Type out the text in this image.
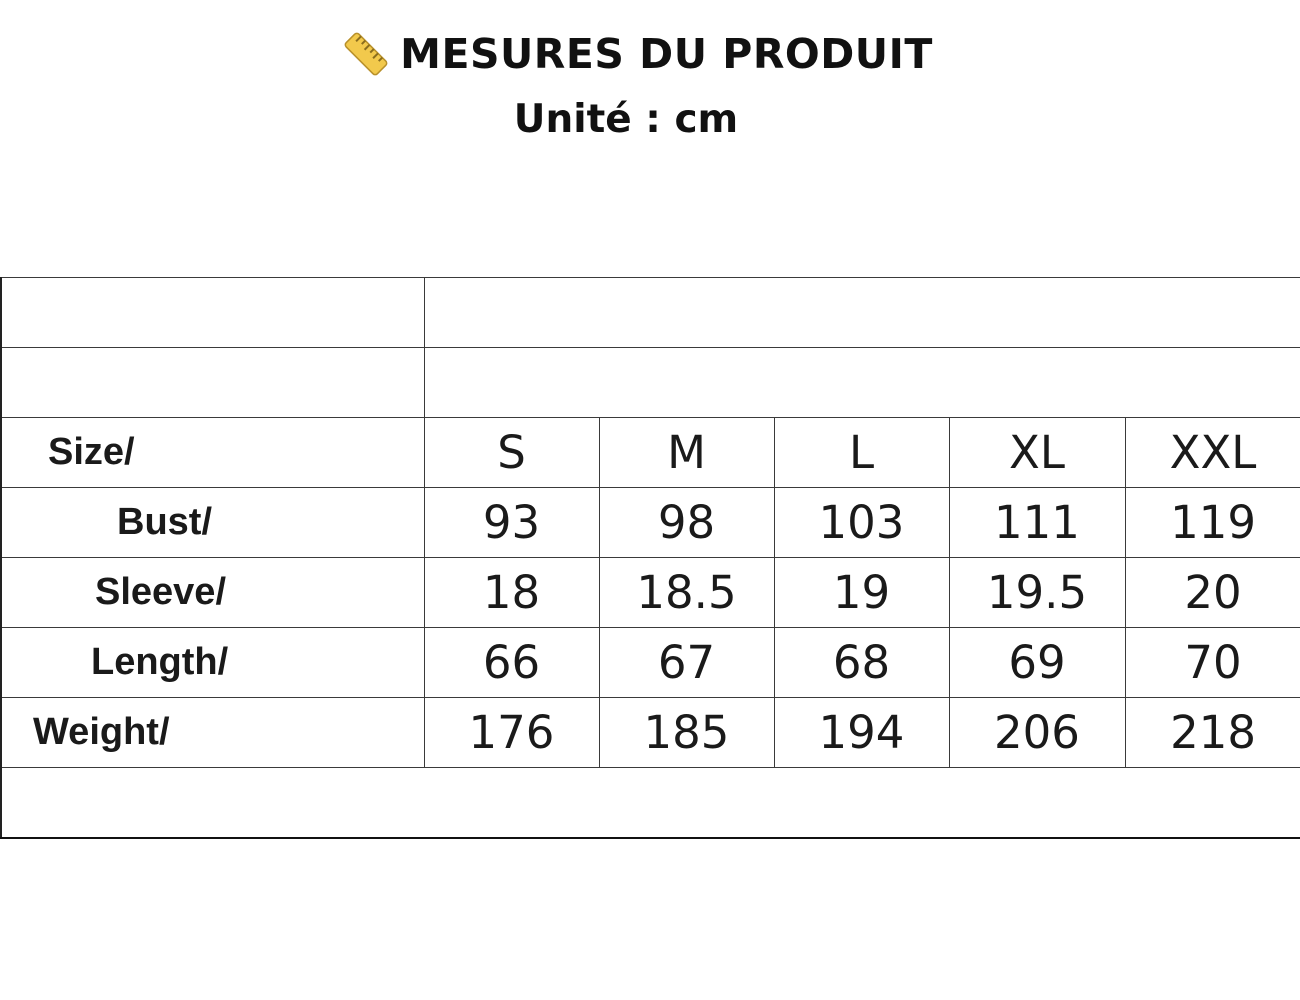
MESURES DU PRODUIT
Unité : cm

Size/	S	M	L	XL	XXL
Bust/	93	98	103	111	119
Sleeve/	18	18.5	19	19.5	20
Length/	66	67	68	69	70
Weight/	176	185	194	206	218
